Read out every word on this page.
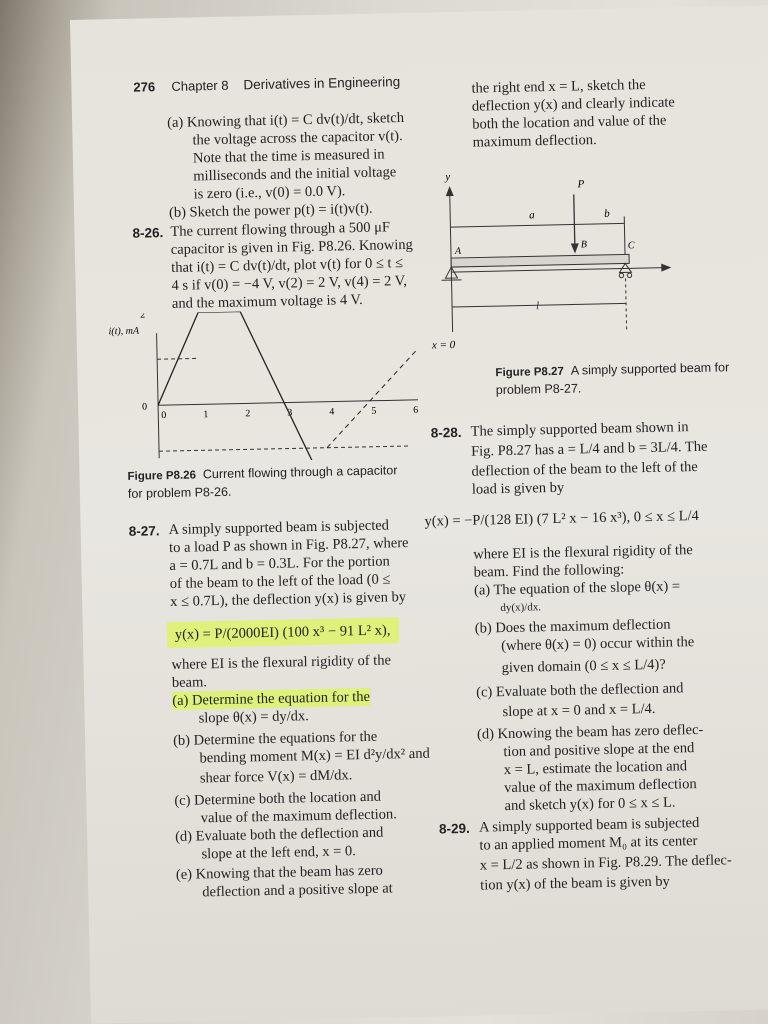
276 Chapter 8 Derivatives in Engineering
(a) Knowing that i(t) = C dv(t)/dt, sketch
the voltage across the capacitor v(t).
Note that the time is measured in
milliseconds and the initial voltage
is zero (i.e., v(0) = 0.0 V).
(b) Sketch the power p(t) = i(t)v(t).
8-26. The current flowing through a 500 μF
capacitor is given in Fig. P8.26. Knowing
that i(t) = C dv(t)/dt, plot v(t) for 0 ≤ t ≤
4 s if v(0) = −4 V, v(2) = 2 V, v(4) = 2 V,
and the maximum voltage is 4 V.
i(t), mA
0	1	2	3	4	5	6
2
0
Figure P8.26 Current flowing through a capacitor
for problem P8-26.
8-27. A simply supported beam is subjected
to a load P as shown in Fig. P8.27, where
a = 0.7L and b = 0.3L. For the portion
of the beam to the left of the load (0 ≤
x ≤ 0.7L), the deflection y(x) is given by
y(x) = P/(2000EI) (100 x³ − 91 L² x),
where EI is the flexural rigidity of the
beam.
(a) Determine the equation for the
slope θ(x) = dy/dx.
(b) Determine the equations for the
bending moment M(x) = EI d²y/dx² and
shear force V(x) = dM/dx.
(c) Determine both the location and
value of the maximum deflection.
(d) Evaluate both the deflection and
slope at the left end, x = 0.
(e) Knowing that the beam has zero
deflection and a positive slope at
the right end x = L, sketch the
deflection y(x) and clearly indicate
both the location and value of the
maximum deflection.
y
a	b
P
B
A
C
l
x = 0
Figure P8.27 A simply supported beam for
problem P8-27.
8-28. The simply supported beam shown in
Fig. P8.27 has a = L/4 and b = 3L/4. The
deflection of the beam to the left of the
load is given by
y(x) = −P/(128 EI) (7 L² x − 16 x³), 0 ≤ x ≤ L/4
where EI is the flexural rigidity of the
beam. Find the following:
(a) The equation of the slope θ(x) =
dy(x)/dx.
(b) Does the maximum deflection
(where θ(x) = 0) occur within the
given domain (0 ≤ x ≤ L/4)?
(c) Evaluate both the deflection and
slope at x = 0 and x = L/4.
(d) Knowing the beam has zero deflec-
tion and positive slope at the end
x = L, estimate the location and
value of the maximum deflection
and sketch y(x) for 0 ≤ x ≤ L.
8-29. A simply supported beam is subjected
to an applied moment M₀ at its center
x = L/2 as shown in Fig. P8.29. The deflec-
tion y(x) of the beam is given by
